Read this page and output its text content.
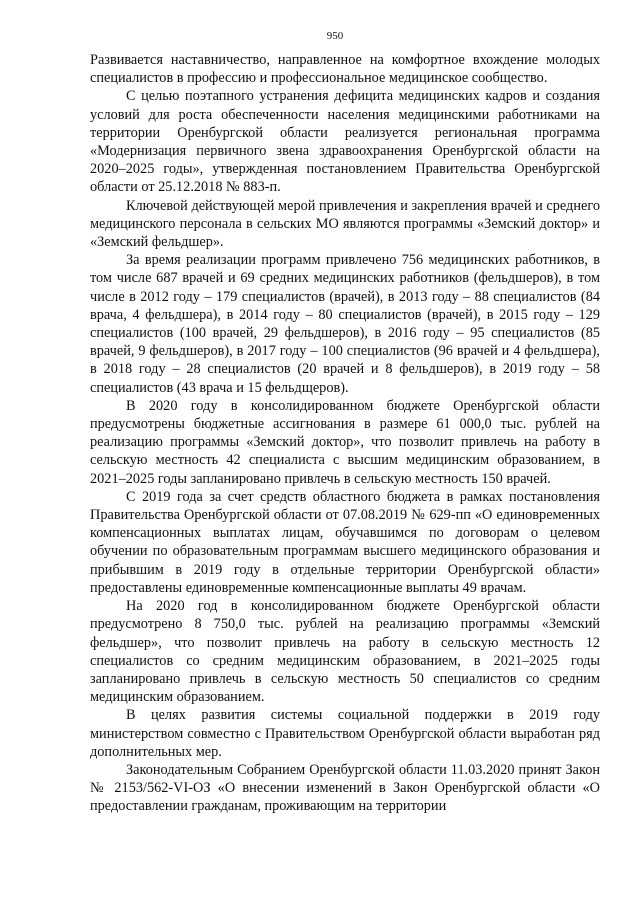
950

Развивается наставничество, направленное на комфортное вхождение молодых специалистов в профессию и профессиональное медицинское сообщество.

С целью поэтапного устранения дефицита медицинских кадров и создания условий для роста обеспеченности населения медицинскими работниками на территории Оренбургской области реализуется региональная программа «Модернизация первичного звена здравоохранения Оренбургской области на 2020–2025 годы», утвержденная постановлением Правительства Оренбургской области от 25.12.2018 № 883-п.

Ключевой действующей мерой привлечения и закрепления врачей и среднего медицинского персонала в сельских МО являются программы «Земский доктор» и «Земский фельдшер».

За время реализации программ привлечено 756 медицинских работников, в том числе 687 врачей и 69 средних медицинских работников (фельдшеров), в том числе в 2012 году – 179 специалистов (врачей), в 2013 году – 88 специалистов (84 врача, 4 фельдшера), в 2014 году – 80 специалистов (врачей), в 2015 году – 129 специалистов (100 врачей, 29 фельдшеров), в 2016 году – 95 специалистов (85 врачей, 9 фельдшеров), в 2017 году – 100 специалистов (96 врачей и 4 фельдшера), в 2018 году – 28 специалистов (20 врачей и 8 фельдшеров), в 2019 году – 58 специалистов (43 врача и 15 фельдщеров).

В 2020 году в консолидированном бюджете Оренбургской области предусмотрены бюджетные ассигнования в размере 61 000,0 тыс. рублей на реализацию программы «Земский доктор», что позволит привлечь на работу в сельскую местность 42 специалиста с высшим медицинским образованием, в 2021–2025 годы запланировано привлечь в сельскую местность 150 врачей.

С 2019 года за счет средств областного бюджета в рамках постановления Правительства Оренбургской области от 07.08.2019 № 629-пп «О единовременных компенсационных выплатах лицам, обучавшимся по договорам о целевом обучении по образовательным программам высшего медицинского образования и прибывшим в 2019 году в отдельные территории Оренбургской области» предоставлены единовременные компенсационные выплаты 49 врачам.

На 2020 год в консолидированном бюджете Оренбургской области предусмотрено 8 750,0 тыс. рублей на реализацию программы «Земский фельдшер», что позволит привлечь на работу в сельскую местность 12 специалистов со средним медицинским образованием, в 2021–2025 годы запланировано привлечь в сельскую местность 50 специалистов со средним медицинским образованием.

В целях развития системы социальной поддержки в 2019 году министерством совместно с Правительством Оренбургской области выработан ряд дополнительных мер.

Законодательным Собранием Оренбургской области 11.03.2020 принят Закон № 2153/562-VI-ОЗ «О внесении изменений в Закон Оренбургской области «О предоставлении гражданам, проживающим на территории
